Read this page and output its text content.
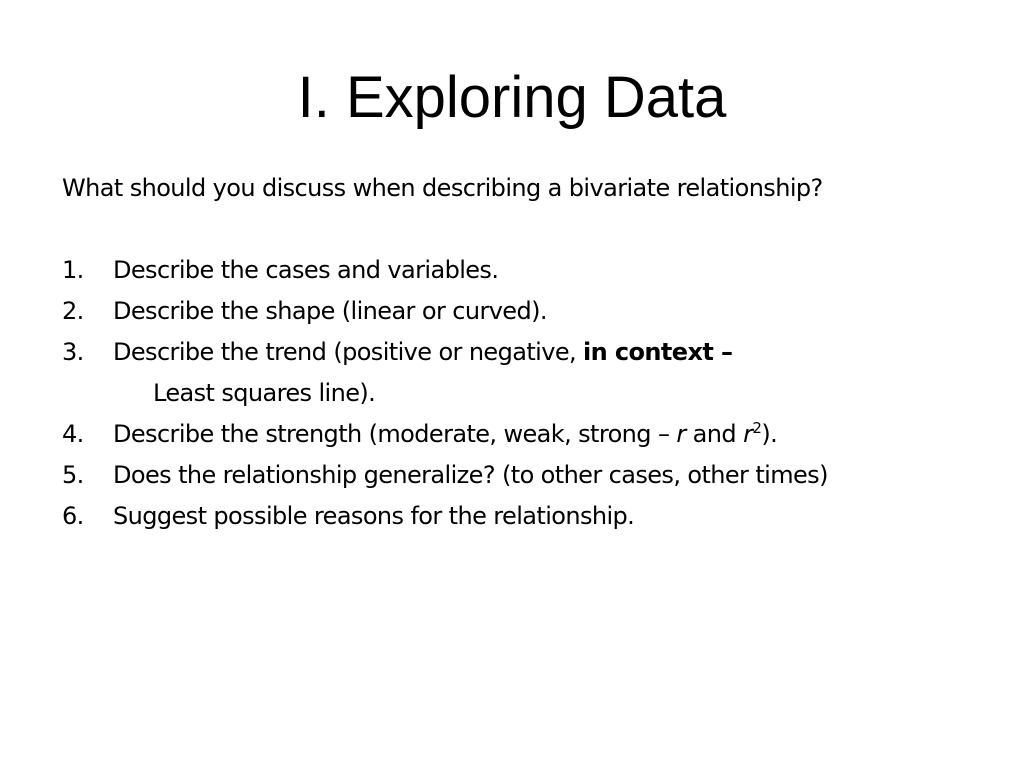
I. Exploring Data

What should you discuss when describing a bivariate relationship?

1. Describe the cases and variables.
2. Describe the shape (linear or curved).
3. Describe the trend (positive or negative, in context –
Least squares line).
4. Describe the strength (moderate, weak, strong – r and $r^2$).
5. Does the relationship generalize? (to other cases, other times)
6. Suggest possible reasons for the relationship.
